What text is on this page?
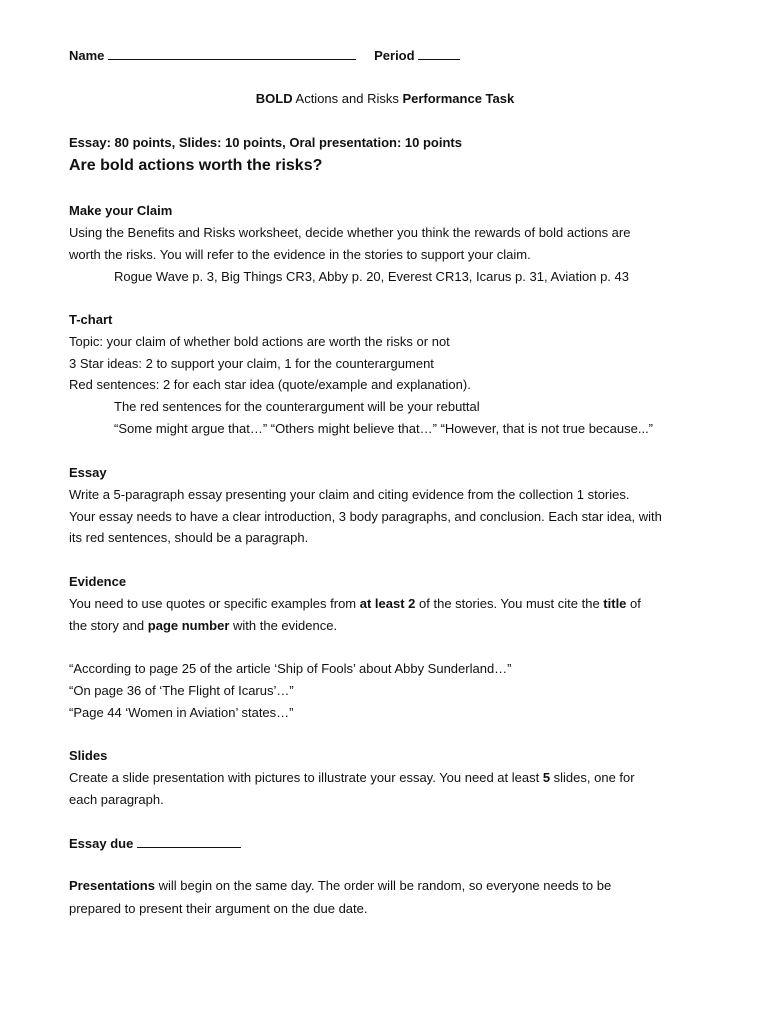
Name	Period
BOLD Actions and Risks Performance Task
Essay: 80 points, Slides: 10 points, Oral presentation: 10 points
Are bold actions worth the risks?
Make your Claim
Using the Benefits and Risks worksheet, decide whether you think the rewards of bold actions are
worth the risks. You will refer to the evidence in the stories to support your claim.
Rogue Wave p. 3, Big Things CR3, Abby p. 20, Everest CR13, Icarus p. 31, Aviation p. 43
T-chart
Topic: your claim of whether bold actions are worth the risks or not
3 Star ideas: 2 to support your claim, 1 for the counterargument
Red sentences: 2 for each star idea (quote/example and explanation).
The red sentences for the counterargument will be your rebuttal
“Some might argue that…” “Others might believe that…” “However, that is not true because...”
Essay
Write a 5-paragraph essay presenting your claim and citing evidence from the collection 1 stories.
Your essay needs to have a clear introduction, 3 body paragraphs, and conclusion. Each star idea, with
its red sentences, should be a paragraph.
Evidence
You need to use quotes or specific examples from at least 2 of the stories. You must cite the title of
the story and page number with the evidence.
“According to page 25 of the article ‘Ship of Fools’ about Abby Sunderland…”
“On page 36 of ‘The Flight of Icarus’…”
“Page 44 ‘Women in Aviation’ states…”
Slides
Create a slide presentation with pictures to illustrate your essay. You need at least 5 slides, one for
each paragraph.
Essay due
Presentations will begin on the same day. The order will be random, so everyone needs to be
prepared to present their argument on the due date.
